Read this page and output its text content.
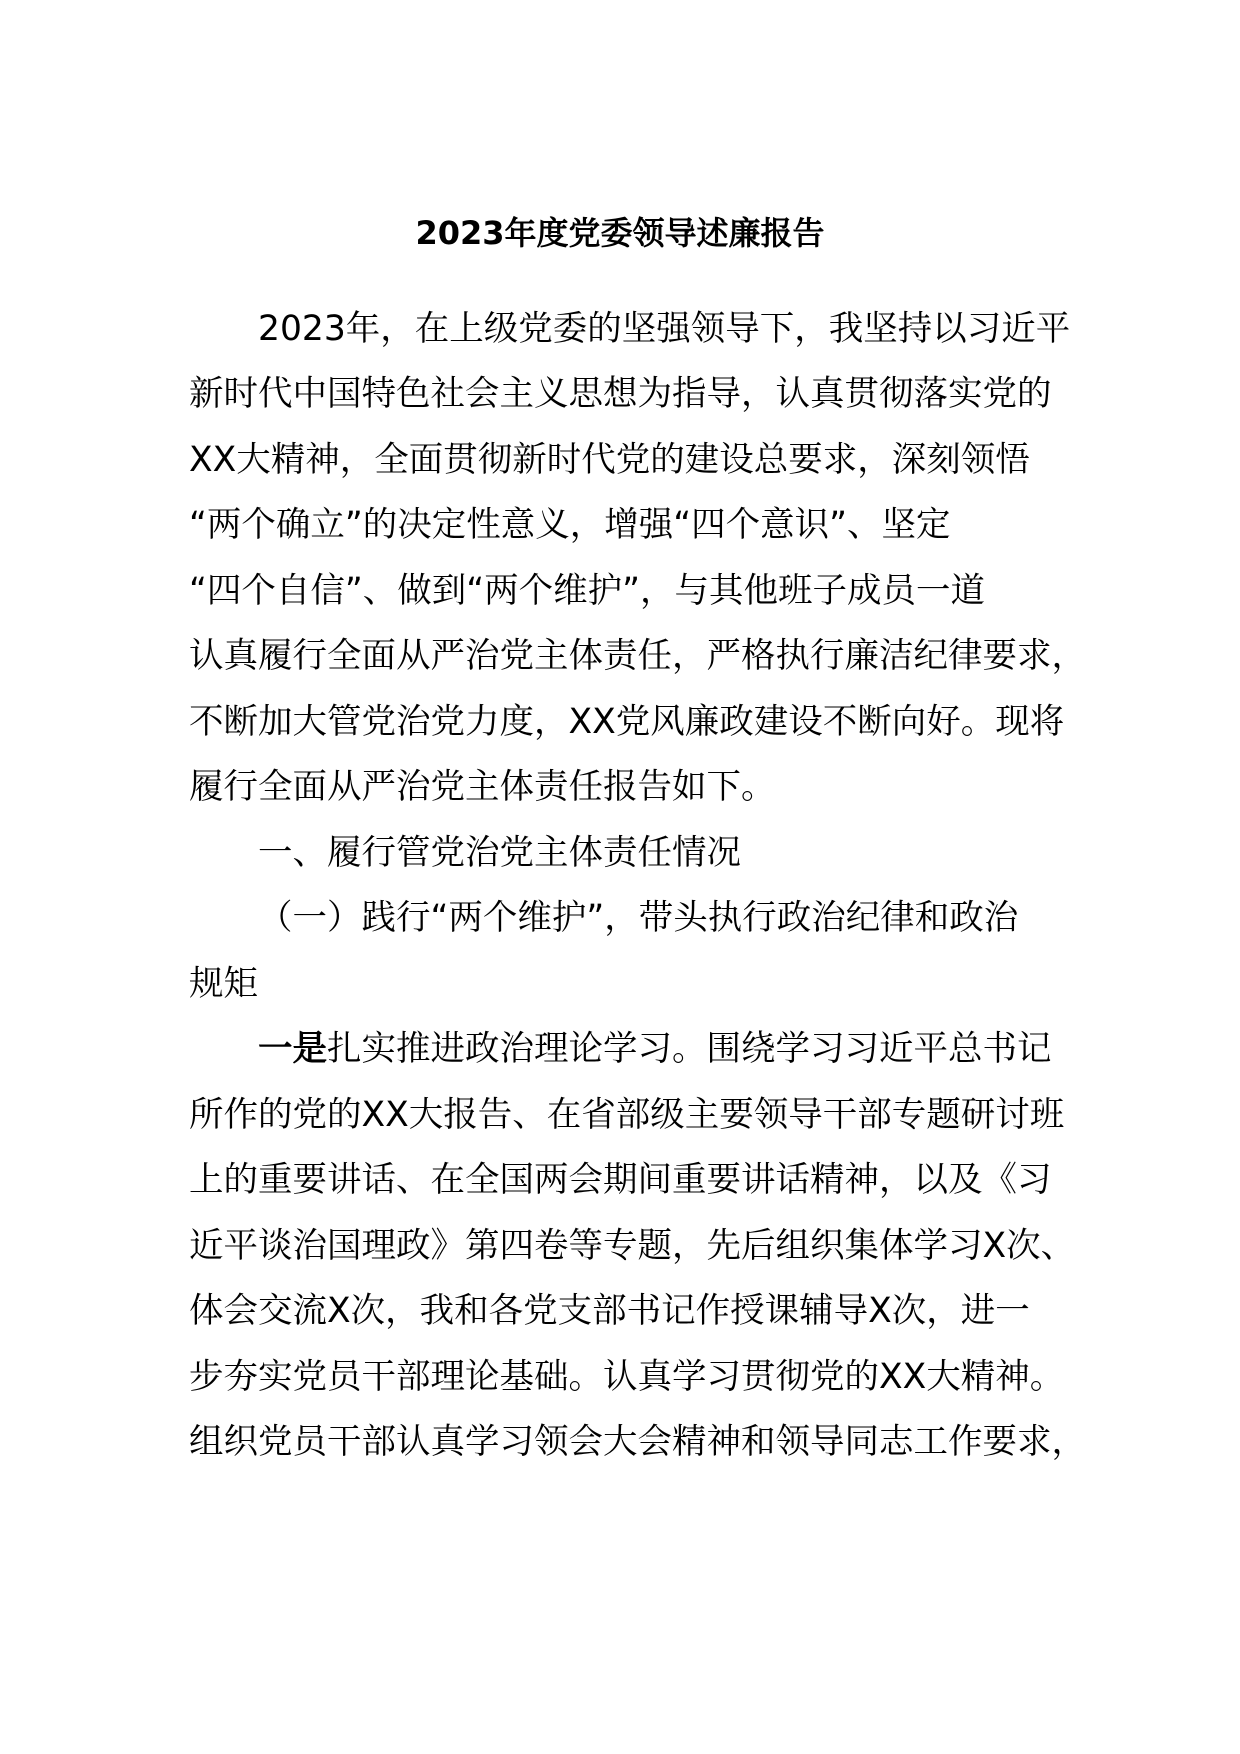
2023年度党委领导述廉报告
2023年，在上级党委的坚强领导下，我坚持以习近平
新时代中国特色社会主义思想为指导，认真贯彻落实党的
XX大精神，全面贯彻新时代党的建设总要求，深刻领悟
“两个确立”的决定性意义，增强“四个意识”、坚定
“四个自信”、做到“两个维护”，与其他班子成员一道
认真履行全面从严治党主体责任，严格执行廉洁纪律要求，
不断加大管党治党力度，XX党风廉政建设不断向好。现将
履行全面从严治党主体责任报告如下。
一、履行管党治党主体责任情况
（一）践行“两个维护”，带头执行政治纪律和政治
规矩
一是扎实推进政治理论学习。围绕学习习近平总书记
所作的党的XX大报告、在省部级主要领导干部专题研讨班
上的重要讲话、在全国两会期间重要讲话精神，以及《习
近平谈治国理政》第四卷等专题，先后组织集体学习X次、
体会交流X次，我和各党支部书记作授课辅导X次，进一
步夯实党员干部理论基础。认真学习贯彻党的XX大精神。
组织党员干部认真学习领会大会精神和领导同志工作要求，
